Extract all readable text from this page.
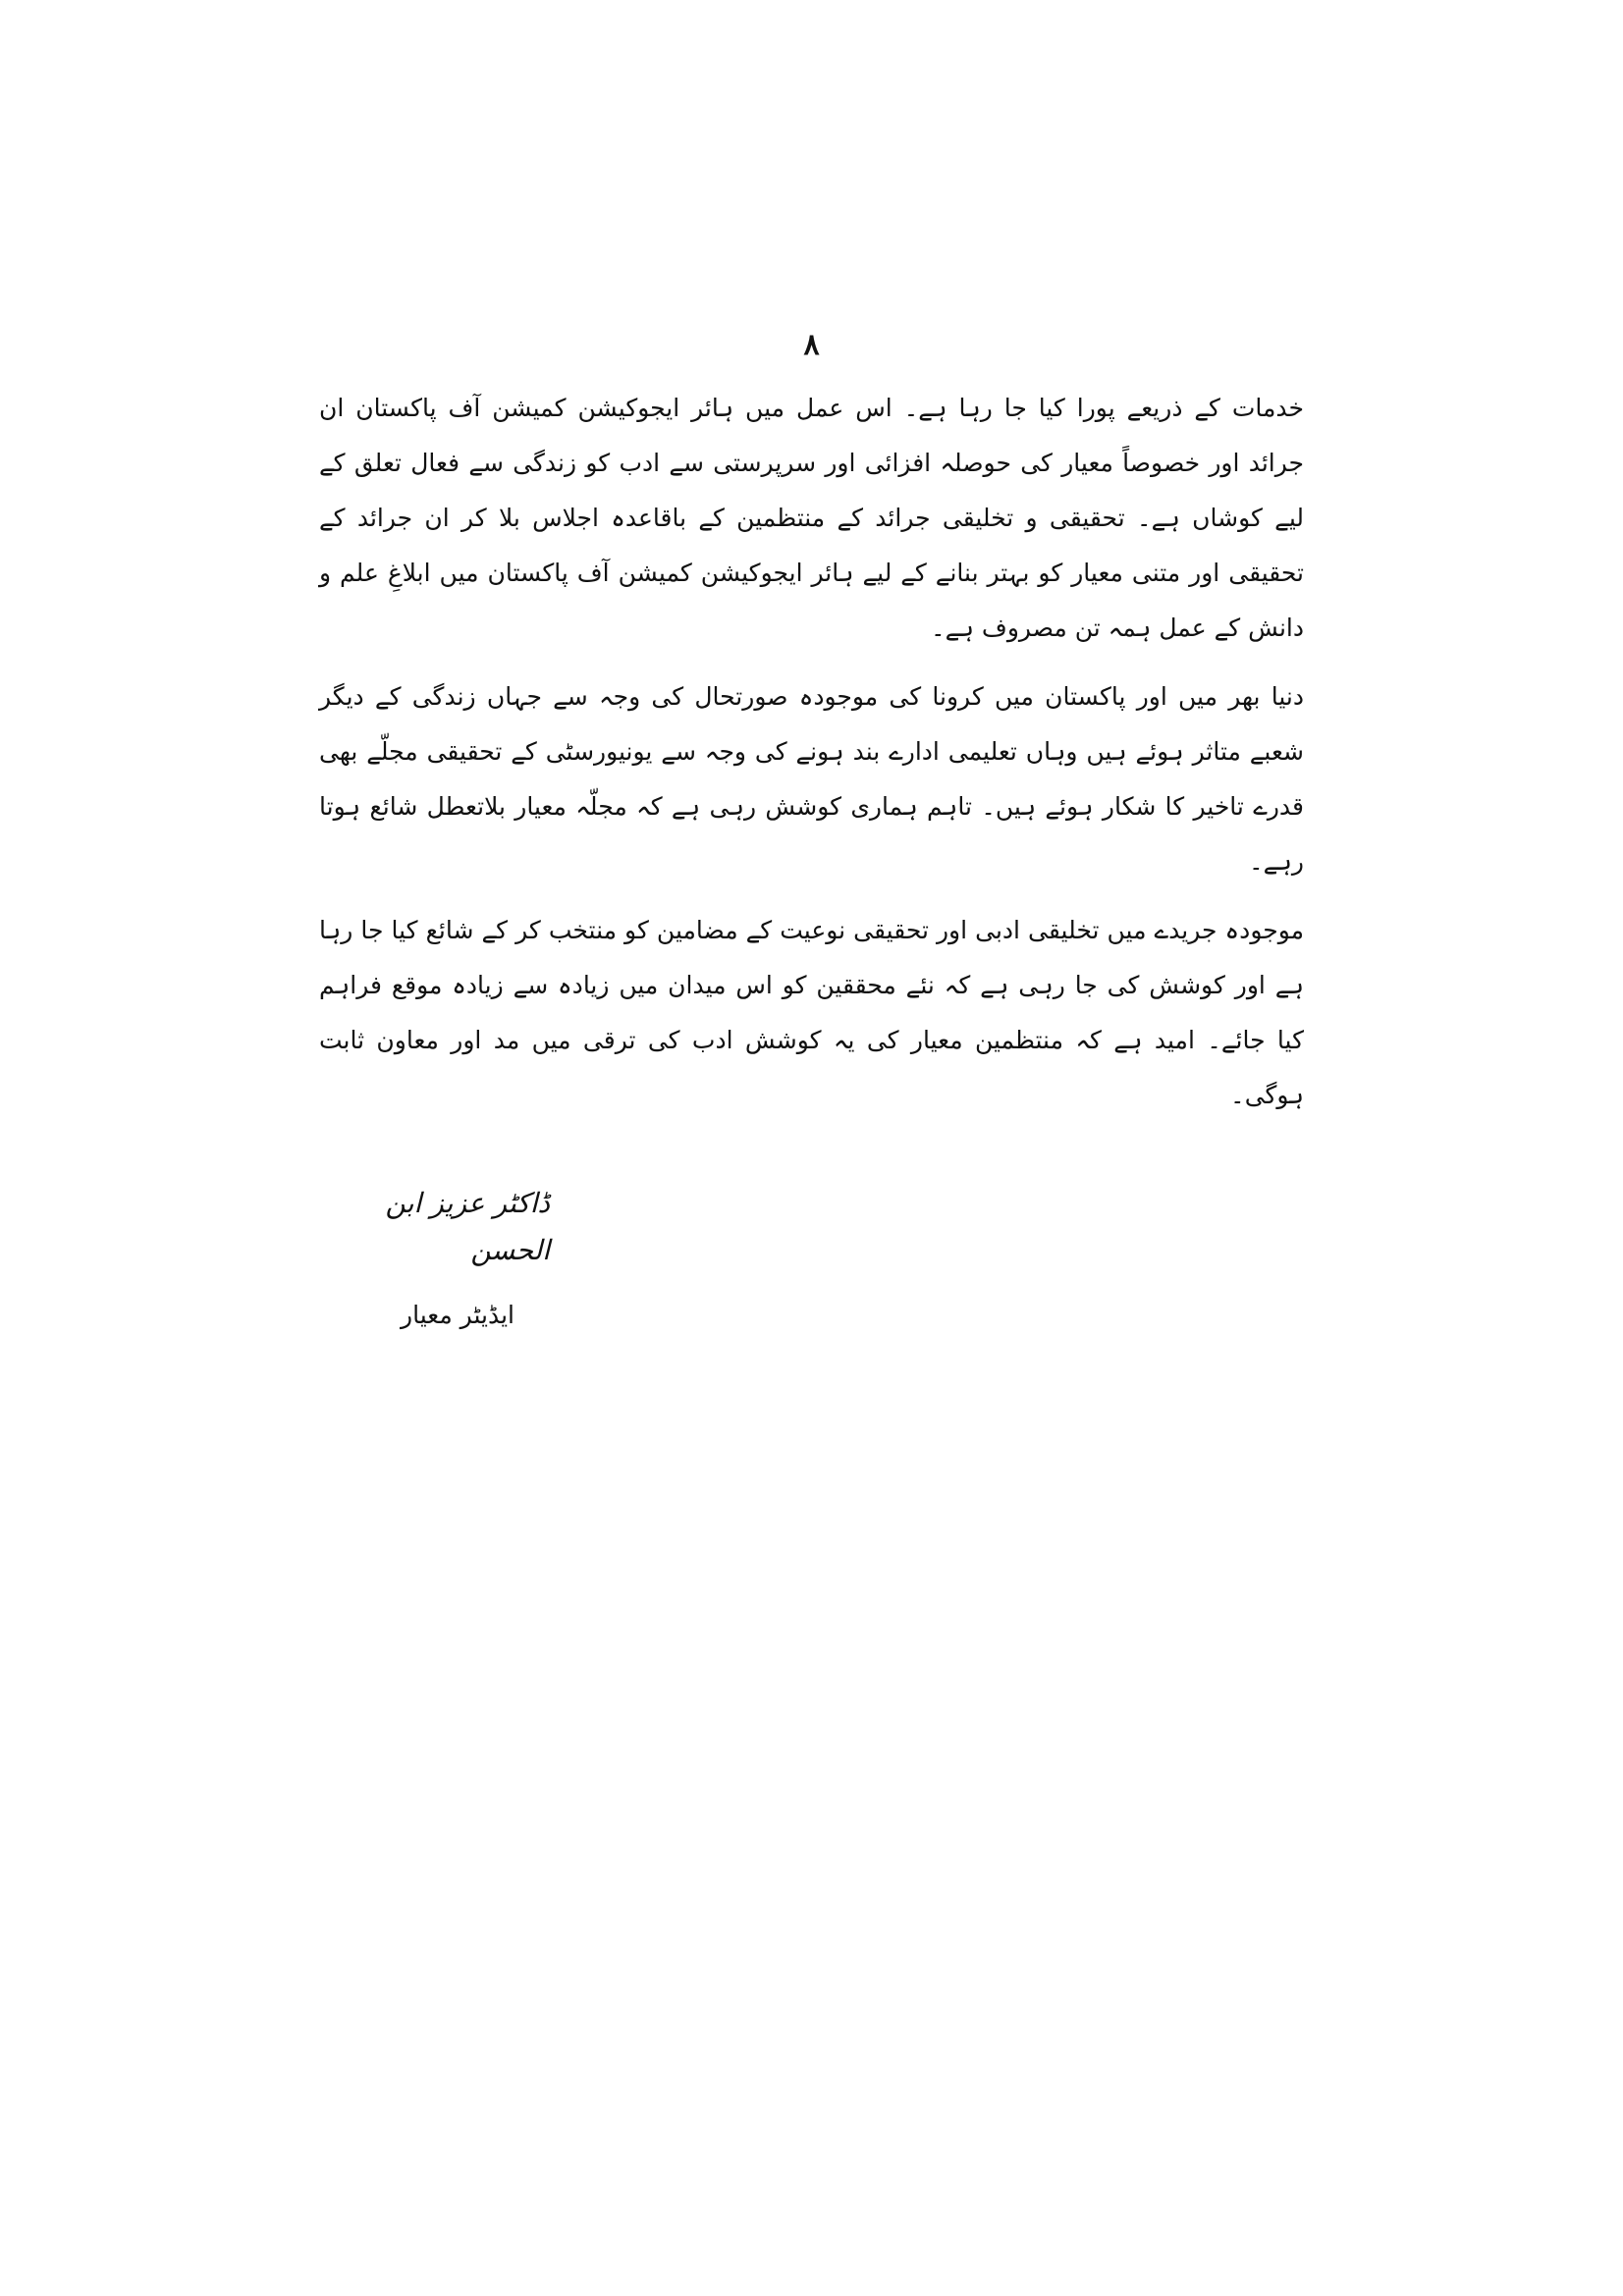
۸

خدمات کے ذریعے پورا کیا جا رہا ہے۔ اس عمل میں ہائر ایجوکیشن کمیشن آف پاکستان ان جرائد اور خصوصاً معیار کی حوصلہ افزائی اور سرپرستی سے ادب کو زندگی سے فعال تعلق کے لیے کوشاں ہے۔ تحقیقی و تخلیقی جرائد کے منتظمین کے باقاعدہ اجلاس بلا کر ان جرائد کے تحقیقی اور متنی معیار کو بہتر بنانے کے لیے ہائر ایجوکیشن کمیشن آف پاکستان میں ابلاغِ علم و دانش کے عمل ہمہ تن مصروف ہے۔

دنیا بھر میں اور پاکستان میں کرونا کی موجودہ صورتحال کی وجہ سے جہاں زندگی کے دیگر شعبے متاثر ہوئے ہیں وہاں تعلیمی ادارے بند ہونے کی وجہ سے یونیورسٹی کے تحقیقی مجلّے بھی قدرے تاخیر کا شکار ہوئے ہیں۔ تاہم ہماری کوشش رہی ہے کہ مجلّہ معیار بلاتعطل شائع ہوتا رہے۔

موجودہ جریدے میں تخلیقی ادبی اور تحقیقی نوعیت کے مضامین کو منتخب کر کے شائع کیا جا رہا ہے اور کوشش کی جا رہی ہے کہ نئے محققین کو اس میدان میں زیادہ سے زیادہ موقع فراہم کیا جائے۔ امید ہے کہ منتظمین معیار کی یہ کوشش ادب کی ترقی میں مد اور معاون ثابت ہوگی۔

ڈاکٹر عزیز ابن الحسن
ایڈیٹر معیار
